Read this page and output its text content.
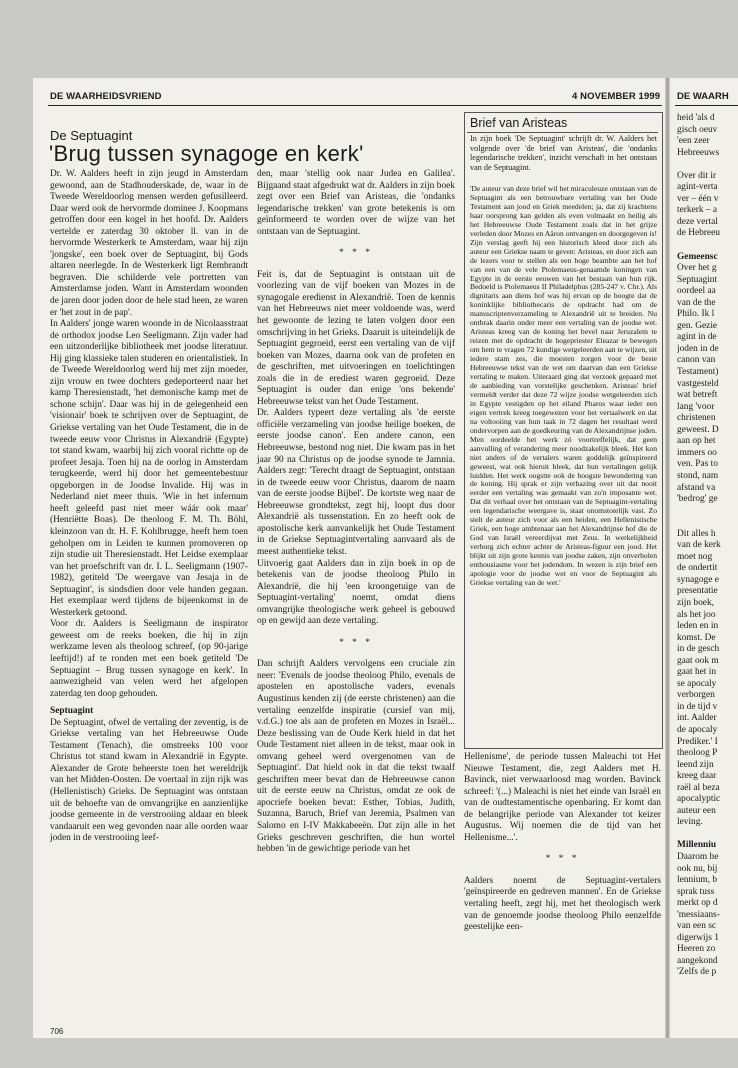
DE WAARHEIDSVRIEND	4 NOVEMBER 1999
De Septuagint
'Brug tussen synagoge en kerk'

Dr. W. Aalders heeft in zijn jeugd in Amsterdam gewoond, aan de Stadhouderskade, de, waar in de Tweede Wereldoorlog mensen werden gefusilleerd. Daar werd ook de hervormde dominee J. Koopmans getroffen door een kogel in het hoofd. Dr. Aalders vertelde er zaterdag 30 oktober ll. van in de hervormde Westerkerk te Amsterdam, waar hij zijn 'jongske', een boek over de Septuagint, bij Gods altaren neerlegde. In de Westerkerk ligt Rembrandt begraven. Die schilderde vele portretten van Amsterdamse joden. Want in Amsterdam woonden de jaren door joden door de hele stad heen, ze waren er 'het zout in de pap'.

In Aalders' jonge waren woonde in de Nicolaasstraat de orthodox joodse Leo Seeligmann. Zijn vader had een uitzonderlijke bibliotheek met joodse literatuur. Hij ging klassieke talen studeren en orientalistiek. In de Tweede Wereldoorlog werd hij met zijn moeder, zijn vrouw en twee dochters gedeporteerd naar het kamp Theresienstadt, 'het demonische kamp met de schone schijn'. Daar was hij in de gelegenheid een 'visionair' boek te schrijven over de Septuagint, de Griekse vertaling van het Oude Testament, die in de tweede eeuw voor Christus in Alexandrië (Egypte) tot stand kwam, waarbij hij zich vooral richtte op de profeet Jesaja. Toen hij na de oorlog in Amsterdam terugkeerde, werd hij door het gemeentebestuur opgeborgen in de Joodse Invalide. Hij was in Nederland niet meer thuis. 'Wie in het infernum heeft geleefd past niet meer wáár ook maar' (Henriëtte Boas). De theoloog F. M. Th. Böhl, kleinzoon van dr. H. F. Kohlbrugge, heeft hem toen geholpen om in Leiden te kunnen promoveren op zijn studie uit Theresienstadt. Het Leidse exemplaar van het proefschrift van dr. I. L. Seeligmann (1907-1982), getiteld 'De weergave van Jesaja in de Septuagint', is sindsdien door vele handen gegaan. Het exemplaar werd tijdens de bijeenkomst in de Westerkerk getoond.

Voor dr. Aalders is Seeligmann de inspirator geweest om de reeks boeken, die hij in zijn werkzame leven als theoloog schreef, (op 90-jarige leeftijd!) af te ronden met een boek getiteld 'De Septuagint – Brug tussen synagoge en kerk'. In aanwezigheid van velen werd het afgelopen zaterdag ten doop gehouden.

Septuagint

De Septuagint, ofwel de vertaling der zeventig, is de Griekse vertaling van het Hebreeuwse Oude Testament (Tenach), die omstreeks 100 voor Christus tot stand kwam in Alexandrië in Egypte. Alexander de Grote beheerste toen het wereldrijk van het Midden-Oosten. De voertaal in zijn rijk was (Hellenistisch) Grieks. De Septuagint was ontstaan uit de behoefte van de omvangrijke en aanzienlijke joodse gemeente in de verstrooiing aldaar en bleek vandaaruit een weg gevonden naar alle oorden waar joden in de verstrooiing leef-

den, maar 'stellig ook naar Judea en Galilea'. Bijgaand staat afgedrukt wat dr. Aalders in zijn boek zegt over een Brief van Aristeas, die 'ondanks legendarische trekken' van grote betekenis is om geïnformeerd te worden over de wijze van het ontstaan van de Septuagint.

* * *

Feit is, dat de Septuagint is ontstaan uit de voorlezing van de vijf boeken van Mozes in de synagogale eredienst in Alexandrië. Toen de kennis van het Hebreeuws niet meer voldoende was, werd het gewoonte de lezing te laten volgen door een omschrijving in het Grieks. Daaruit is uiteindelijk de Septuagint gegroeid, eerst een vertaling van de vijf boeken van Mozes, daarna ook van de profeten en de geschriften, met uitvoeringen en toelichtingen zoals die in de erediest waren gegroeid. Deze Septuagint is ouder dan enige 'ons bekende' Hebreeuwse tekst van het Oude Testament.

Dr. Aalders typeert deze vertaling als 'de eerste officiële verzameling van joodse heilige boeken, de eerste joodse canon'. Een andere canon, een Hebreeuwse, bestond nog niet. Die kwam pas in het jaar 90 na Christus op de joodse synode te Jamnia. Aalders zegt: 'Terecht draagt de Septuagint, ontstaan in de tweede eeuw voor Christus, daarom de naam van de eerste joodse Bijbel'. De kortste weg naar de Hebreeuwse grondtekst, zegt hij, loopt dus door Alexandrië als tussenstation. En zo heeft ook de apostolische kerk aanvankelijk het Oude Testament in de Griekse Septuagintvertaling aanvaard als de meest authentieke tekst.

Uitvoerig gaat Aalders dan in zijn boek in op de betekenis van de joodse theoloog Philo in Alexandrië, die hij 'een kroongetuige van de Septuagint-vertaling' noemt, omdat diens omvangrijke theologische werk geheel is gebouwd op en gewijd aan deze vertaling.

* * *

Dan schrijft Aalders vervolgens een cruciale zin neer: 'Evenals de joodse theoloog Philo, evenals de apostelen en apostolische vaders, evenals Augustinus kenden zij (de eerste christenen) aan die vertaling eenzelfde inspiratie (cursief van mij, v.d.G.) toe als aan de profeten en Mozes in Israël... Deze beslissing van de Oude Kerk hield in dat het Oude Testament niet alleen in de tekst, maar ook in omvang geheel werd overgenomen van de Septuagint'. Dat hield ook in dat die tekst twaalf geschriften meer bevat dan de Hebreeuwse canon uit de eerste eeuw na Christus, omdat ze ook de apocriefe boeken bevat: Esther, Tobias, Judith, Suzanna, Baruch, Brief van Jeremia, Psalmen van Salomo en I-IV Makkabeeën. Dat zijn alle in het Grieks geschreven geschriften, die hun wortel hebben 'in de gewichtige periode van het

Brief van Aristeas
In zijn boek 'De Septuagint' schrijft dr. W. Aalders het volgende over 'de brief van Aristeas', die 'ondanks legendarische trekken', inzicht verschaft in het ontstaan van de Septuagint.

'De auteur van deze brief wil het miraculeuze ontstaan van de Septuagint als een betrouwbare vertaling van het Oude Testament aan jood en Griek meedelen; ja, dat zij krachtens haar oorsprong kan gelden als even volmaakt en heilig als het Hebreeuwse Oude Testament zoals dat in het grijze verleden door Mozes en Aäron ontvangen en doorgegeven is! Zijn verslag geeft hij een historisch kleed door zich als auteur een Griekse naam te geven: Aristeas, en door zich aan de lezers voor te stellen als een hoge beambte aan het hof van een van de vele Ptolemaeus-genaamde koningen van Egypte in de eerste eeuwen van het bestaan van hun rijk. Bedoeld is Ptolemaeus II Philadelphus (285-247 v. Chr.). Als dignitaris aan diens hof was hij ervan op de hoogte dat de koninklijke bibliothecaris de opdracht had om de manuscriptenverzameling te Alexandrië uit te breiden. Nu ontbrak daarin onder meer een vertaling van de joodse wet. Aristeas kreeg van de koning het bevel naar Jeruzalem te reizen met de opdracht de hogepriester Eleazar te bewegen om hem te vragen 72 kundige wetgeleerden aan te wijzen, uit iedere stam zes, die moesten zorgen voor de beste Hebreeuwse tekst van de wet om daarvan dan een Griekse vertaling te maken. Uiteraard ging dat verzoek gepaard met de aanbieding van vorstelijke geschenken. Aristeas' brief vermeldt verder dat deze 72 wijze joodse wetgeleerden zich in Egypte vestigden op het eiland Pharos waar ieder een eigen vertrek kreeg toegewezen voor het vertaalwerk en dat na voltooiing van hun taak in 72 dagen het resultaat werd ondervorpen aan de goedkeuring van de Alexandrijnse joden. Men oordeelde het werk zó voortreffelijk, dat geen aanvulling of verandering meer noodzakelijk bleek. Het kon niet anders of de vertalers waren goddelijk geïnspireerd geweest, wat ook hieruit bleek, dat hun vertalingen gelijk luidden. Het werk oogstte ook de hoogste bewondering van de koning. Hij sprak er zijn verbazing over uit dat nooit eerder een vertaling was gemaakt van zo'n imposante wet. Dat dit verhaal over het ontstaan van de Septuagint-vertaling een legendarische weergave is, staat onomstotelijk vast. Zo stelt de auteur zich voor als een heiden, een Hellenistische Griek, een hoge ambtenaar aan het Alexandrijnse hof die de God van Israël vereerdijvat met Zeus. In werkelijkheid verborg zich echter achter de Aristeas-figuur een jood. Het blijkt uit zijn grote kennis van joodse zaken, zijn onverholen enthousiasme voor het jodendom. In wezen is zijn brief een apologie voor de joodse wet en voor de Septuagint als Griekse vertaling van de wet.'

Hellenisme', de periode tussen Maleachi tot Het Nieuwe Testament, die, zegt Aalders met H. Bavinck, niet verwaarloosd mag worden. Bavinck schreef: '(...) Maleachi is niet het einde van Israël en van de oudtestamentische openbaring. Er komt dan de belangrijke periode van Alexander tot keizer Augustus. Wij noemen die de tijd van het Hellenisme...'.

* * *

Aalders noemt de Septuagint-vertalers 'geïnspireerde en gedreven mannen'. En de Griekse vertaling heeft, zegt hij, met het theologisch werk van de genoemde joodse theoloog Philo eenzelfde geestelijke een-

706
DE WAARH
heid 'als d
gisch oeuv
'een zeer
Hebreeuws
Over dit ir
agint-verta
ver – één v
terkerk – a
deze vertal
de Hebreeu
Gemeensc
Over het g
Septuagint
oordeel aa
van de the
Philo. Ik l
gen. Gezie
agint in de
joden in de
canon van
Testament)
vastgesteld
wat betreft
lang 'voor
christenen
geweest. D
aan op het
immers oo
ven. Pas to
stond, nam
afstand va
'bedrog' ge
Dit alles h
van de kerk
moet nog
de ondertit
synagoge e
presentatie
zijn boek,
als het joo
leden en in
komst. De
in de gesch
gaat ook m
gaat het in
se apocaly
verborgen
in de tijd v
int. Aalder
de apocaly
Prediker.' I
theoloog P
leend zijn
kreeg daar
raël al beza
apocalyptic
auteur een
leving.
Millenniu
Daarom he
ook nu, bij
lennium, b
sprak tuss
merkt op d
'messiaans-
van een sc
digerwijs 1
Heeren zo
aangekond
'Zelfs de p
